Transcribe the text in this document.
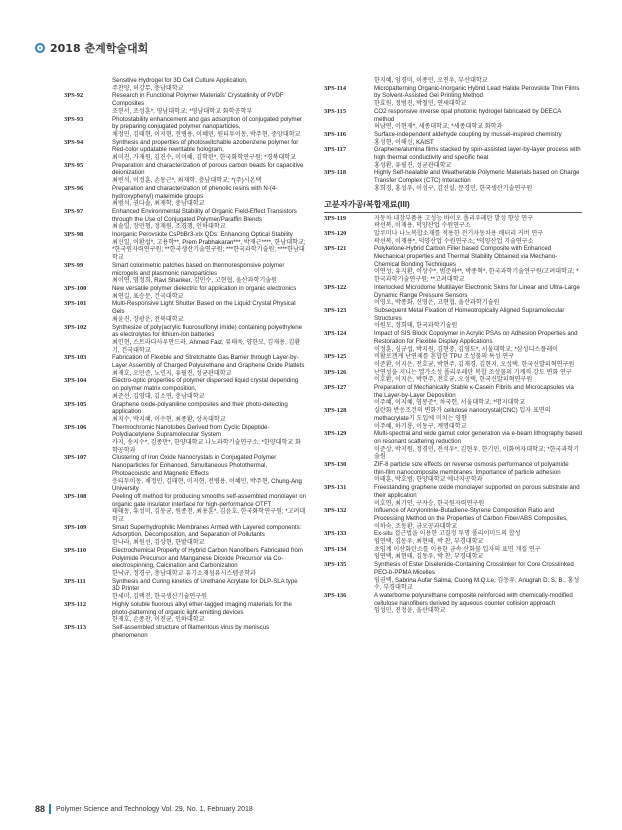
2018 춘계학술대회
Sensitive Hydrogel for 3D Cell Culture Application,
주찬양, 허강무, 충남대학교
3PS-92	Research in Functional Polymer Materials' Crystallinity of PVDF Composites
조현서, 조성훈*, 영남대학교; *영남대학교 화학공학부
3PS-93	Photostability enhancement and gas adsorption of conjugated polymer by preparing conjugated polymer nanoparticles,
채정민, 김태현, 이지현, 전병용, 이혜민, 원티투이동, 박주현, 중앙대학교
3PS-94	Synthesis and properties of photoswitchable azobenzene polymer for Red-color updatable rewritable hologram,
최미진, 가재원, 김진수, 이미혜, 김학린*, 한국화학연구원; *경북대학교
3PS-95	Preparation and characterization of porous carbon beads for capacitive deionization
최빈석, 이정훈, 손동근*, 최재학, 충남대학교; *(주)시온택
3PS-96	Preparation and characterization of phenolic resins with N-(4-hydroxyphenyl) maleimide groups
최범석, 권다솔, 최재학, 충남대학교
3PS-97	Enhanced Environmental Stability of Organic Field-Effect Transistors through the Use of Conjugated Polymer/Paraffin Blends
최솔일, 장민형, 정재원, 조경행, 인하대학교
3PS-98	Inorganic Perovskite CsPbBr3-xIx QDs: Enhancing Optical Stability
최신일, 이환섭*, 고용학**, Prem Prabhakaran***, 박재근****, 한남대학교; *한국원자력연구원; **한국생산기술연구원; ***한국과학기술원; ****한남대학교
3PS-99	Smart colorimetric patches based on thermoresponsive polymer microgels and plasmonic nanoparticles
최이연, 염정희, Ravi Shanker, 김민수, 고현협, 울산과학기술원
3PS-100	New versatile polymer dielectric for application in organic electronics
최연길, 표승문, 건국대학교
3PS-101	Multi-Responsive Light Shutter Based on the Liquid Crystal Physical Gels
최윤진, 장광운, 전북대학교
3PS-102	Synthesize of poly(acrylic fluorosulfonyl imide) containing polyethylene as electrolytes for lithium-ion batteries
최인현, 스트라다사우만드라, Ahmed Faiz, 류태욱, 양한모, 김재용, 김환기, 건국대학교
3PS-103	Fabrication of Flexible and Stretchable Gas Barrier through Layer-by-Layer Assembly of Charged Polyurethane and Graphene Oxide Platlets
최재호, 오민준, 노민지, 유필진, 성균관대학교
3PS-104	Electro-optic properties of polymer dispersed liquid crystal depending on polymer matrix composition,
최준선, 김영대, 김소연, 충남대학교
3PS-105	Graphene oxide-polyaniline composites and their photo-detecting application
최지수, 박지혜, 이수현, 최종환, 상옥대학교
3PS-106	Thermochromic Nanotubes Derived from Cyclic Dipeptide-Polydiacetylene Supramolecular System
카지, 송지수*, 김종만*, 한양대학교 나노과학기술연구소; *한양대학교 화학공학과
3PS-107	Clustering of Iron Oxide Nanocrystals in Conjugated Polymer Nanoparticles for Enhanced, Simultaneous Photothermal, Photoacoustic and Magnetic Effects
응티투이동, 채정민, 김태현, 이지현, 전병용, 이혜민, 박주현, Chung-Ang University
3PS-108	Peeling off method for producing smooths self-assembled monolayer on organic gate insulator interface for high-performance OTFT
태태동, 유성미, 김동균, 원종천, 최용훈*, 김윤호, 한국화학연구원; *고려대학교
3PS-109	Smart Superhydrophilic Membranes Armed with Layered components: Adsorption, Decomposition, and Separation of Pollutants
한나라, 최원선, 김상현, 한밭대학교
3PS-110	Electrochemical Property of Hybrid Carbon Nanofibers Fabricated from Polyimide Precursor and Manganese Dioxide Precursor via Co-electrospinning, Calcination and Carbonization
한낙규, 정경구, 충남대학교 유기소재섬유시스템공학과
3PS-111	Synthesis and Curing kinetics of Urethane Acrylate for DLP-SLA type 3D Printer
한세미, 김택진, 한국생산기술연구원
3PS-112	Highly soluble fluorous alkyl ether-tagged imaging materials for the photo-patterning of organic light-emitting devices
한재호, 손종찬, 이진균, 인하대학교
3PS-113	Self-assembled structure of filamentous virus by meniscus phenomenon
한지혜, 임경미, 이종민, 오진우, 부산대학교
3PS-114	Micropatterning Organic-Inorganic Hybrid Lead Halide Perovskite Thin Films by Solvent-Assisted Gel Printing Method
한효원, 정범진, 박철민, 연세대학교
3PS-115	CO2 responsive inverse opal photonic hydrogel fabricated by DEECA method
허남연, 이현재*, 세종대학교; *세종대학교 화학과
3PS-116	Surface-independent aldehyde coupling by mussel-inspired chemistry
홍성현, 이해신, KAIST
3PS-117	Graphene/alumina films stacked by spin-assisted layer-by-layer process with high thermal conductivity and specific heat
홍성환, 유필진, 성균관대학교
3PS-118	Highly Self-healable and Weatherable Polymeric Materials based on Charge Transfer Complex (CTC) Interaction
홍희경, 홍성우, 이성구, 김진실, 문경민, 한국생산기술연구원
고분자가공/복합재료(III)
3PS-119	자동차 내장부품용 고성능 바이오 폴리우레탄 발성 향상 연구
곽선복, 이재용, 덕양산업 수원연구소
3PS-120	알루미나 나노복합소재를 적용한 전기자동차용 배터리 커버 연구
곽선복, 이재용*, 덕양산업 수원연구소; *덕양산업 기술연구소
3PS-121	Polyketone-Hybrid Carbon Filler based Composite with Enhanced Mechanical properties and Thermal Stability Obtained via Mechano-Chemical Bonding Techniques
이연성, 유지환, 이상수*, 범준하**, 박종혁*, 한국과학기술연구원/고려대학교; *한국과학기술연구원; **고려대학교
3PS-122	Interlocked Microdome Multilayer Electronic Skins for Linear and Ultra-Large Dynamic Range Pressure Sensors
이영오, 박종화, 신영은, 고현협, 울산과학기술원
3PS-123	Subsequent Metal Fixation of Homeotropically Aligned Supramolecular Structures
이원모, 정희태, 한국과학기술원
3PS-124	Impact of SIS Block Copolymer in Acrylic PSAs on Adhesion Properties and Restoration for Flexible Display Applications
이정훈, 심규섭, 박지원, 김현중, 김영도*, 서울대학교; *삼성디스플레이
3PS-125	비활로겐계 난연제를 혼합한 TPU 조성물의 특성 연구
이준환, 이지은, 전호균, 박현주, 김재경, 김현지, 오성택, 한국신발피혁연구원
3PS-126	난연성을 지니는 열가소성 폴리우레탄 복합 조성물의 기계적 강도 변화 연구
이호환, 이지은, 박현주, 전호균, 오성택, 한국신발피혁연구원
3PS-127	Preparation of Mechanically Stable κ-Casein Fibrils and Microcapsules via the Layer-by-Layer Deposition
이주혜, 이지혜, 염봉준*, 차국헌, 서울대학교; *명지대학교
3PS-128	실란화 반응조건의 변화가 cellulose nanocrystal(CNC) 입자 표면의 methacrylate기 도입에 미치는 영향
이주혜, 하기룡, 이동구, 계명대학교
3PS-129	Multi-spectral and wide gamut color generation via e-beam lithography based on resonant scattering reduction
이준상, 박지원, 정경민, 전석우*, 김현우, 한기민, 이화여자대학교; *한국과학기술원
3PS-130	ZIF-8 particle size effects on reverse osmosis performance of polyamide thin-film nanocomposite membranes: Importance of particle adhesion
이태훈, 박호범, 한양대학교 에너지공학과
3PS-131	Freestanding graphene oxide monolayer supported on porous substrate and their application
이호연, 최기인, 구자승, 한국원자력연구원
3PS-132	Influence of Acrylonitrile-Butadiene-Styrene Composition Ratio and Processing Method on the Properties of Carbon Fiber/ABS Composites,
이하숙, 조동환, 금오공과대학교
3PS-133	Ex-situ 접근법을 이용한 고결정 투명 폴리이미드의 합성
임연택, 김동우, 최현태, 박 찬, 부경대학교
3PS-134	초임계 이산화탄소를 이용한 금속 산화물 입자의 표면 개질 연구
임연택, 최현태, 김동우, 박 찬, 부경대학교
3PS-135	Synthesis of Ester Diselenide-Containing Crosslinker for Core Crosslinked PEO-b-PPMA Micelles
임권택, Sabrina Aufar Salma, Cuong M.Q.Le, 김동우, Anugrah D. S, B., 홍성수, 부경대학교
3PS-136	A waterborne polyurethane composite reinforced with chemically-modified cellulose nanofibers derived by aqueous counter collision approach
임성민, 진정윤, 울산대학교
88 Polymer Science and Technology Vol. 29, No. 1, February 2018
